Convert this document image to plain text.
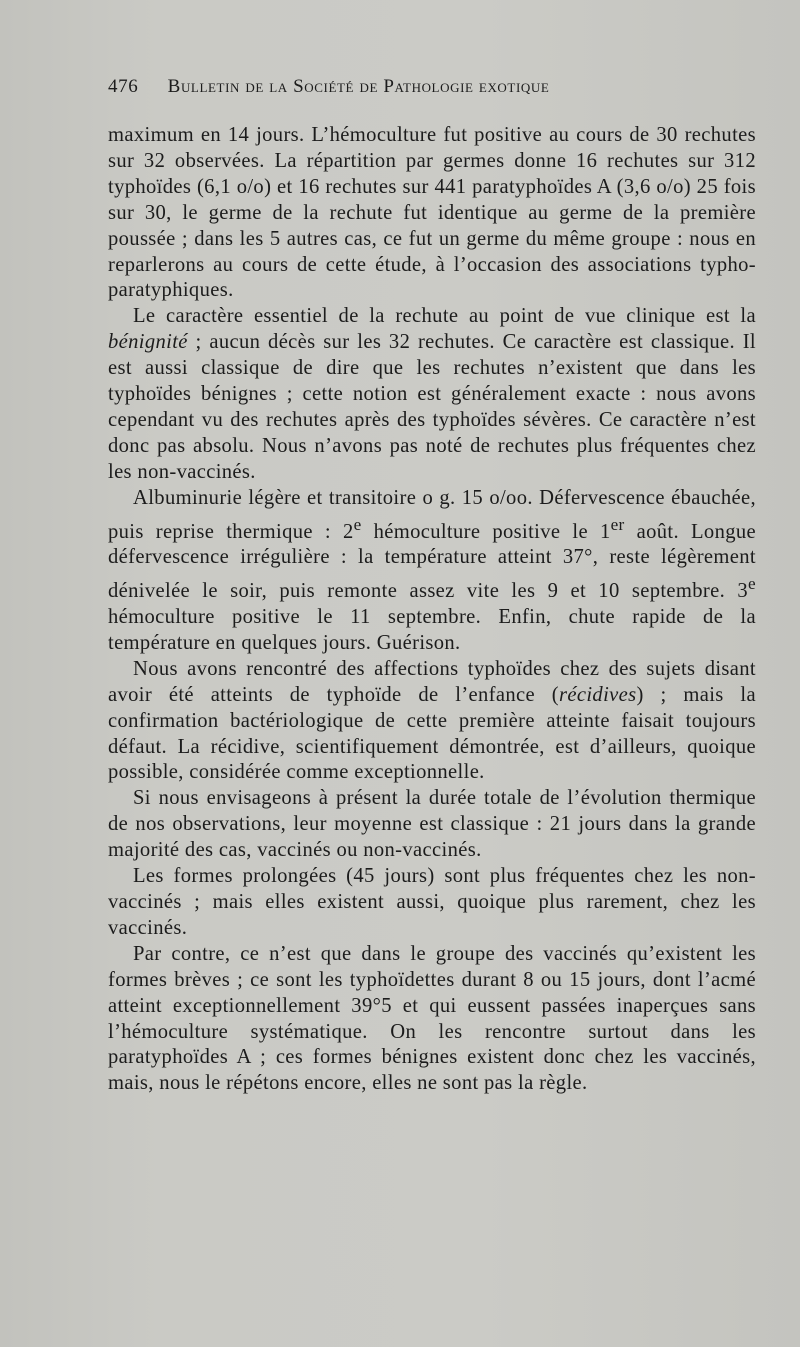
476 Bulletin de la Société de Pathologie exotique

maximum en 14 jours. L’hémoculture fut positive au cours de 30 rechutes sur 32 observées. La répartition par germes donne 16 rechutes sur 312 typhoïdes (6,1 o/o) et 16 rechutes sur 441 paratyphoïdes A (3,6 o/o) 25 fois sur 30, le germe de la rechute fut identique au germe de la première poussée ; dans les 5 autres cas, ce fut un germe du même groupe : nous en reparlerons au cours de cette étude, à l’occasion des associations typho-paratyphiques.

Le caractère essentiel de la rechute au point de vue clinique est la bénignité ; aucun décès sur les 32 rechutes. Ce caractère est classique. Il est aussi classique de dire que les rechutes n’existent que dans les typhoïdes bénignes ; cette notion est généralement exacte : nous avons cependant vu des rechutes après des typhoïdes sévères. Ce caractère n’est donc pas absolu. Nous n’avons pas noté de rechutes plus fréquentes chez les non-vaccinés.

Albuminurie légère et transitoire o g. 15 o/oo. Défervescence ébauchée, puis reprise thermique : 2e hémoculture positive le 1er août. Longue défervescence irrégulière : la température atteint 37°, reste légèrement dénivelée le soir, puis remonte assez vite les 9 et 10 septembre. 3e hémoculture positive le 11 septembre. Enfin, chute rapide de la température en quelques jours. Guérison.

Nous avons rencontré des affections typhoïdes chez des sujets disant avoir été atteints de typhoïde de l’enfance (récidives) ; mais la confirmation bactériologique de cette première atteinte faisait toujours défaut. La récidive, scientifiquement démontrée, est d’ailleurs, quoique possible, considérée comme exceptionnelle.

Si nous envisageons à présent la durée totale de l’évolution thermique de nos observations, leur moyenne est classique : 21 jours dans la grande majorité des cas, vaccinés ou non-vaccinés.

Les formes prolongées (45 jours) sont plus fréquentes chez les non-vaccinés ; mais elles existent aussi, quoique plus rarement, chez les vaccinés.

Par contre, ce n’est que dans le groupe des vaccinés qu’existent les formes brèves ; ce sont les typhoïdettes durant 8 ou 15 jours, dont l’acmé atteint exceptionnellement 39°5 et qui eussent passées inaperçues sans l’hémoculture systématique. On les rencontre surtout dans les paratyphoïdes A ; ces formes bénignes existent donc chez les vaccinés, mais, nous le répétons encore, elles ne sont pas la règle.
